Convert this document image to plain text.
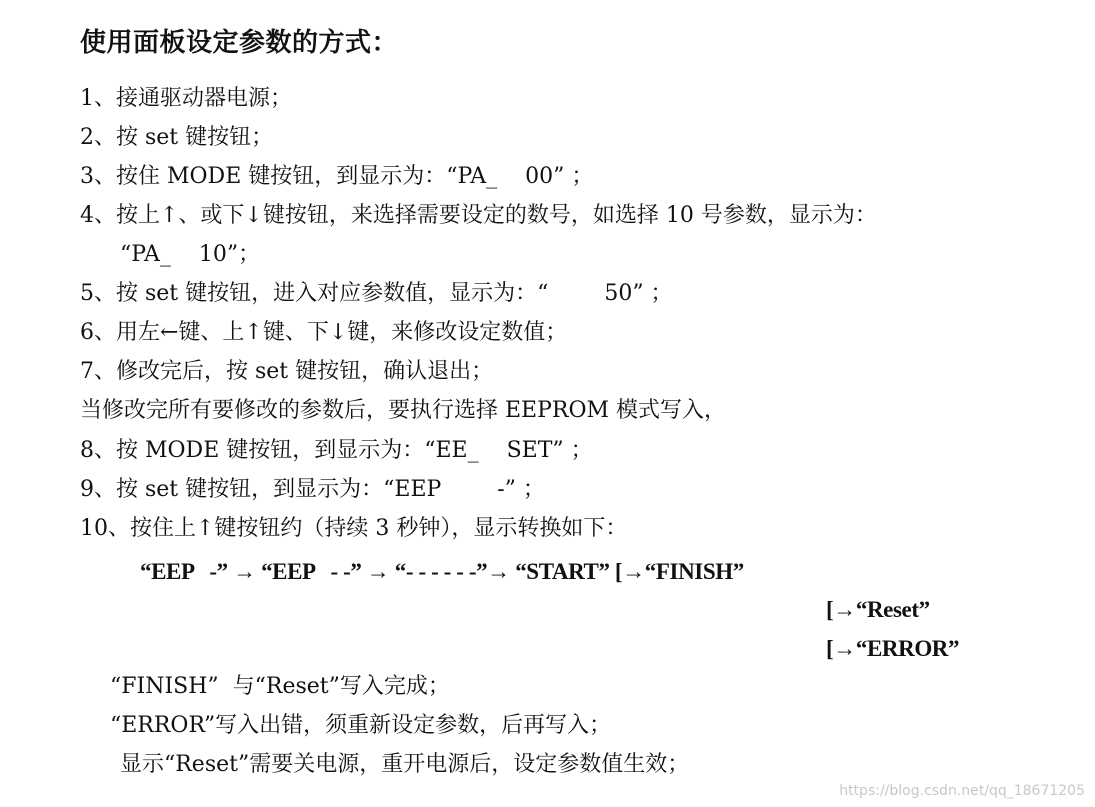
使用面板设定参数的方式：
1、接通驱动器电源；
2、按 set 键按钮；
3、按住 MODE 键按钮，到显示为：“PA_    00” ；
4、按上↑、或下↓键按钮，来选择需要设定的数号，如选择 10 号参数，显示为：
“PA_    10”；
5、按 set 键按钮，进入对应参数值，显示为：“        50” ；
6、用左←键、上↑键、下↓键，来修改设定数值；
7、修改完后，按 set 键按钮，确认退出；
当修改完所有要修改的参数后，要执行选择 EEPROM 模式写入，
8、按 MODE 键按钮，到显示为：“EE_    SET” ；
9、按 set 键按钮，到显示为：“EEP        -” ；
10、按住上↑键按钮约（持续 3 秒钟），显示转换如下：
“EEP   -” → “EEP   - -” → “- - - - - -”→ “START” [→“FINISH”
[→“Reset”
[→“ERROR”
“FINISH”  与“Reset”写入完成；
“ERROR”写入出错，须重新设定参数，后再写入；
显示“Reset”需要关电源，重开电源后，设定参数值生效；
https://blog.csdn.net/qq_18671205
